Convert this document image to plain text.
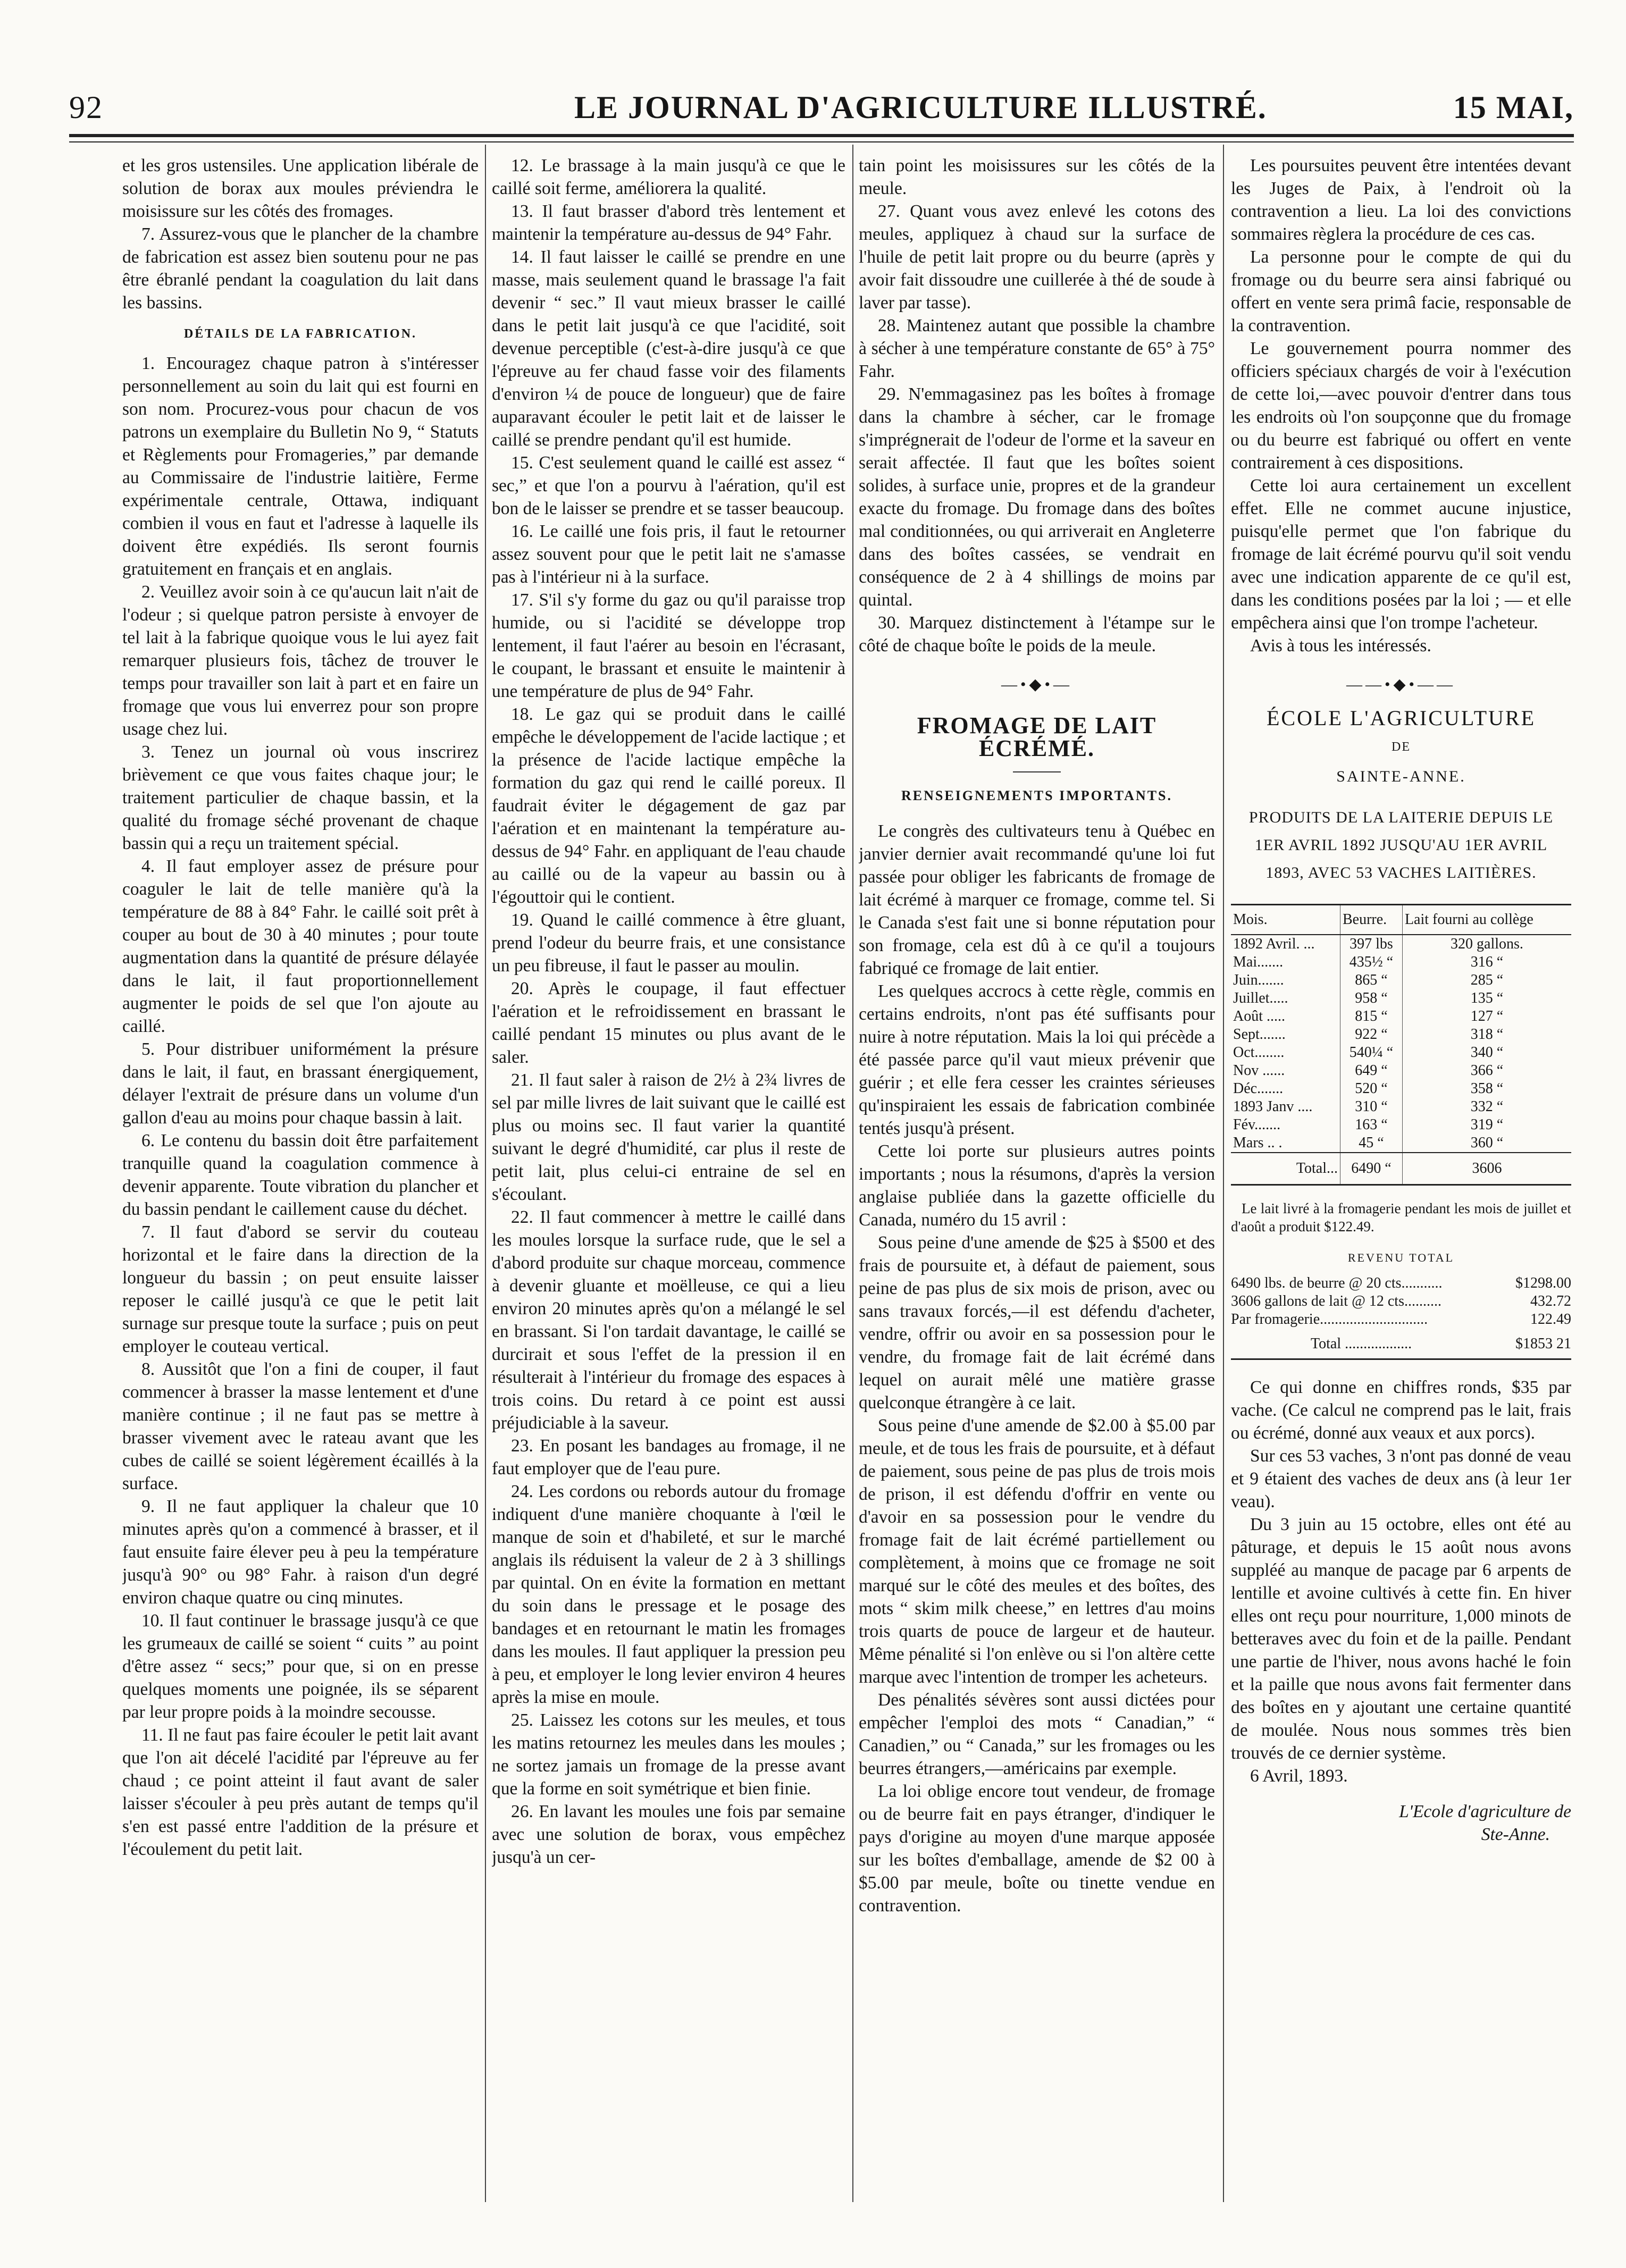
92	LE JOURNAL D'AGRICULTURE ILLUSTRÉ.	15 MAI,

et les gros ustensiles. Une application libérale de solution de borax aux moules préviendra le moisissure sur les côtés des fromages.

7. Assurez-vous que le plancher de la chambre de fabrication est assez bien soutenu pour ne pas être ébranlé pendant la coagulation du lait dans les bassins.

DÉTAILS DE LA FABRICATION.

1. Encouragez chaque patron à s'intéresser personnellement au soin du lait qui est fourni en son nom. Procurez-vous pour chacun de vos patrons un exemplaire du Bulletin No 9, “ Statuts et Règlements pour Fromageries,” par demande au Commissaire de l'industrie laitière, Ferme expérimentale centrale, Ottawa, indiquant combien il vous en faut et l'adresse à laquelle ils doivent être expédiés. Ils seront fournis gratuitement en français et en anglais.

2. Veuillez avoir soin à ce qu'aucun lait n'ait de l'odeur ; si quelque patron persiste à envoyer de tel lait à la fabrique quoique vous le lui ayez fait remarquer plusieurs fois, tâchez de trouver le temps pour travailler son lait à part et en faire un fromage que vous lui enverrez pour son propre usage chez lui.

3. Tenez un journal où vous inscrirez brièvement ce que vous faites chaque jour; le traitement particulier de chaque bassin, et la qualité du fromage séché provenant de chaque bassin qui a reçu un traitement spécial.

4. Il faut employer assez de présure pour coaguler le lait de telle manière qu'à la température de 88 à 84° Fahr. le caillé soit prêt à couper au bout de 30 à 40 minutes ; pour toute augmentation dans la quantité de présure délayée dans le lait, il faut proportionnellement augmenter le poids de sel que l'on ajoute au caillé.

5. Pour distribuer uniformément la présure dans le lait, il faut, en brassant énergiquement, délayer l'extrait de présure dans un volume d'un gallon d'eau au moins pour chaque bassin à lait.

6. Le contenu du bassin doit être parfaitement tranquille quand la coagulation commence à devenir apparente. Toute vibration du plancher et du bassin pendant le caillement cause du déchet.

7. Il faut d'abord se servir du couteau horizontal et le faire dans la direction de la longueur du bassin ; on peut ensuite laisser reposer le caillé jusqu'à ce que le petit lait surnage sur presque toute la surface ; puis on peut employer le couteau vertical.

8. Aussitôt que l'on a fini de couper, il faut commencer à brasser la masse lentement et d'une manière continue ; il ne faut pas se mettre à brasser vivement avec le rateau avant que les cubes de caillé se soient légèrement écaillés à la surface.

9. Il ne faut appliquer la chaleur que 10 minutes après qu'on a commencé à brasser, et il faut ensuite faire élever peu à peu la température jusqu'à 90° ou 98° Fahr. à raison d'un degré environ chaque quatre ou cinq minutes.

10. Il faut continuer le brassage jusqu'à ce que les grumeaux de caillé se soient “ cuits ” au point d'être assez “ secs;” pour que, si on en presse quelques moments une poignée, ils se séparent par leur propre poids à la moindre secousse.

11. Il ne faut pas faire écouler le petit lait avant que l'on ait décelé l'acidité par l'épreuve au fer chaud ; ce point atteint il faut avant de saler laisser s'écouler à peu près autant de temps qu'il s'en est passé entre l'addition de la présure et l'écoulement du petit lait.

12. Le brassage à la main jusqu'à ce que le caillé soit ferme, améliorera la qualité.

13. Il faut brasser d'abord très lentement et maintenir la température au-dessus de 94° Fahr.

14. Il faut laisser le caillé se prendre en une masse, mais seulement quand le brassage l'a fait devenir “ sec.” Il vaut mieux brasser le caillé dans le petit lait jusqu'à ce que l'acidité, soit devenue perceptible (c'est-à-dire jusqu'à ce que l'épreuve au fer chaud fasse voir des filaments d'environ ¼ de pouce de longueur) que de faire auparavant écouler le petit lait et de laisser le caillé se prendre pendant qu'il est humide.

15. C'est seulement quand le caillé est assez “ sec,” et que l'on a pourvu à l'aération, qu'il est bon de le laisser se prendre et se tasser beaucoup.

16. Le caillé une fois pris, il faut le retourner assez souvent pour que le petit lait ne s'amasse pas à l'intérieur ni à la surface.

17. S'il s'y forme du gaz ou qu'il paraisse trop humide, ou si l'acidité se développe trop lentement, il faut l'aérer au besoin en l'écrasant, le coupant, le brassant et ensuite le maintenir à une température de plus de 94° Fahr.

18. Le gaz qui se produit dans le caillé empêche le développement de l'acide lactique ; et la présence de l'acide lactique empêche la formation du gaz qui rend le caillé poreux. Il faudrait éviter le dégagement de gaz par l'aération et en maintenant la température au-dessus de 94° Fahr. en appliquant de l'eau chaude au caillé ou de la vapeur au bassin ou à l'égouttoir qui le contient.

19. Quand le caillé commence à être gluant, prend l'odeur du beurre frais, et une consistance un peu fibreuse, il faut le passer au moulin.

20. Après le coupage, il faut effectuer l'aération et le refroidissement en brassant le caillé pendant 15 minutes ou plus avant de le saler.

21. Il faut saler à raison de 2½ à 2¾ livres de sel par mille livres de lait suivant que le caillé est plus ou moins sec. Il faut varier la quantité suivant le degré d'humidité, car plus il reste de petit lait, plus celui-ci entraine de sel en s'écoulant.

22. Il faut commencer à mettre le caillé dans les moules lorsque la surface rude, que le sel a d'abord produite sur chaque morceau, commence à devenir gluante et moëlleuse, ce qui a lieu environ 20 minutes après qu'on a mélangé le sel en brassant. Si l'on tardait davantage, le caillé se durcirait et sous l'effet de la pression il en résulterait à l'intérieur du fromage des espaces à trois coins. Du retard à ce point est aussi préjudiciable à la saveur.

23. En posant les bandages au fromage, il ne faut employer que de l'eau pure.

24. Les cordons ou rebords autour du fromage indiquent d'une manière choquante à l'œil le manque de soin et d'habileté, et sur le marché anglais ils réduisent la valeur de 2 à 3 shillings par quintal. On en évite la formation en mettant du soin dans le pressage et le posage des bandages et en retournant le matin les fromages dans les moules. Il faut appliquer la pression peu à peu, et employer le long levier environ 4 heures après la mise en moule.

25. Laissez les cotons sur les meules, et tous les matins retournez les meules dans les moules ; ne sortez jamais un fromage de la presse avant que la forme en soit symétrique et bien finie.

26. En lavant les moules une fois par semaine avec une solution de borax, vous empêchez jusqu'à un cer-

tain point les moisissures sur les côtés de la meule.

27. Quant vous avez enlevé les cotons des meules, appliquez à chaud sur la surface de l'huile de petit lait propre ou du beurre (après y avoir fait dissoudre une cuillerée à thé de soude à laver par tasse).

28. Maintenez autant que possible la chambre à sécher à une température constante de 65° à 75° Fahr.

29. N'emmagasinez pas les boîtes à fromage dans la chambre à sécher, car le fromage s'imprégnerait de l'odeur de l'orme et la saveur en serait affectée. Il faut que les boîtes soient solides, à surface unie, propres et de la grandeur exacte du fromage. Du fromage dans des boîtes mal conditionnées, ou qui arriverait en Angleterre dans des boîtes cassées, se vendrait en conséquence de 2 à 4 shillings de moins par quintal.

30. Marquez distinctement à l'étampe sur le côté de chaque boîte le poids de la meule.

—•◆•—
FROMAGE DE LAIT ÉCRÉMÉ.
RENSEIGNEMENTS IMPORTANTS.

Le congrès des cultivateurs tenu à Québec en janvier dernier avait recommandé qu'une loi fut passée pour obliger les fabricants de fromage de lait écrémé à marquer ce fromage, comme tel. Si le Canada s'est fait une si bonne réputation pour son fromage, cela est dû à ce qu'il a toujours fabriqué ce fromage de lait entier.

Les quelques accrocs à cette règle, commis en certains endroits, n'ont pas été suffisants pour nuire à notre réputation. Mais la loi qui précède a été passée parce qu'il vaut mieux prévenir que guérir ; et elle fera cesser les craintes sérieuses qu'inspiraient les essais de fabrication combinée tentés jusqu'à présent.

Cette loi porte sur plusieurs autres points importants ; nous la résumons, d'après la version anglaise publiée dans la gazette officielle du Canada, numéro du 15 avril :

Sous peine d'une amende de $25 à $500 et des frais de poursuite et, à défaut de paiement, sous peine de pas plus de six mois de prison, avec ou sans travaux forcés,—il est défendu d'acheter, vendre, offrir ou avoir en sa possession pour le vendre, du fromage fait de lait écrémé dans lequel on aurait mêlé une matière grasse quelconque étrangère à ce lait.

Sous peine d'une amende de $2.00 à $5.00 par meule, et de tous les frais de poursuite, et à défaut de paiement, sous peine de pas plus de trois mois de prison, il est défendu d'offrir en vente ou d'avoir en sa possession pour le vendre du fromage fait de lait écrémé partiellement ou complètement, à moins que ce fromage ne soit marqué sur le côté des meules et des boîtes, des mots “ skim milk cheese,” en lettres d'au moins trois quarts de pouce de largeur et de hauteur. Même pénalité si l'on enlève ou si l'on altère cette marque avec l'intention de tromper les acheteurs.

Des pénalités sévères sont aussi dictées pour empêcher l'emploi des mots “ Canadian,” “ Canadien,” ou “ Canada,” sur les fromages ou les beurres étrangers,—américains par exemple.

La loi oblige encore tout vendeur, de fromage ou de beurre fait en pays étranger, d'indiquer le pays d'origine au moyen d'une marque apposée sur les boîtes d'emballage, amende de $2 00 à $5.00 par meule, boîte ou tinette vendue en contravention.

Les poursuites peuvent être intentées devant les Juges de Paix, à l'endroit où la contravention a lieu. La loi des convictions sommaires règlera la procédure de ces cas.

La personne pour le compte de qui du fromage ou du beurre sera ainsi fabriqué ou offert en vente sera primâ facie, responsable de la contravention.

Le gouvernement pourra nommer des officiers spéciaux chargés de voir à l'exécution de cette loi,—avec pouvoir d'entrer dans tous les endroits où l'on soupçonne que du fromage ou du beurre est fabriqué ou offert en vente contrairement à ces dispositions.

Cette loi aura certainement un excellent effet. Elle ne commet aucune injustice, puisqu'elle permet que l'on fabrique du fromage de lait écrémé pourvu qu'il soit vendu avec une indication apparente de ce qu'il est, dans les conditions posées par la loi ; — et elle empêchera ainsi que l'on trompe l'acheteur.

Avis à tous les intéressés.

——•◆•——
ÉCOLE L'AGRICULTURE
DE
SAINTE-ANNE.
PRODUITS DE LA LAITERIE DEPUIS LE
1ER AVRIL 1892 JUSQU'AU 1ER AVRIL
1893, AVEC 53 VACHES LAITIÈRES.
Mois.	Beurre.	Lait fourni au collège
1892 Avril. ...	397 lbs	320 gallons.
Mai.......	435½ “	316 “
Juin.......	865 “	285 “
Juillet.....	958 “	135 “
Août .....	815 “	127 “
Sept.......	922 “	318 “
Oct........	540¼ “	340 “
Nov ......	649 “	366 “
Déc.......	520 “	358 “
1893 Janv ....	310 “	332 “
Fév.......	163 “	319 “
Mars .. .	45 “	360 “
Total...	6490 “	3606
Le lait livré à la fromagerie pendant les mois de juillet et d'août a produit $122.49.
REVENU TOTAL
6490 lbs. de beurre @ 20 cts...........	$1298.00
3606 gallons de lait @ 12 cts..........	432.72
Par fromagerie.............................	122.49
Total ..................	$1853 21

Ce qui donne en chiffres ronds, $35 par vache. (Ce calcul ne comprend pas le lait, frais ou écrémé, donné aux veaux et aux porcs).

Sur ces 53 vaches, 3 n'ont pas donné de veau et 9 étaient des vaches de deux ans (à leur 1er veau).

Du 3 juin au 15 octobre, elles ont été au pâturage, et depuis le 15 août nous avons suppléé au manque de pacage par 6 arpents de lentille et avoine cultivés à cette fin. En hiver elles ont reçu pour nourriture, 1,000 minots de betteraves avec du foin et de la paille. Pendant une partie de l'hiver, nous avons haché le foin et la paille que nous avons fait fermenter dans des boîtes en y ajoutant une certaine quantité de moulée. Nous nous sommes très bien trouvés de ce dernier système.

6 Avril, 1893.

L'Ecole d'agriculture de
Ste-Anne.
